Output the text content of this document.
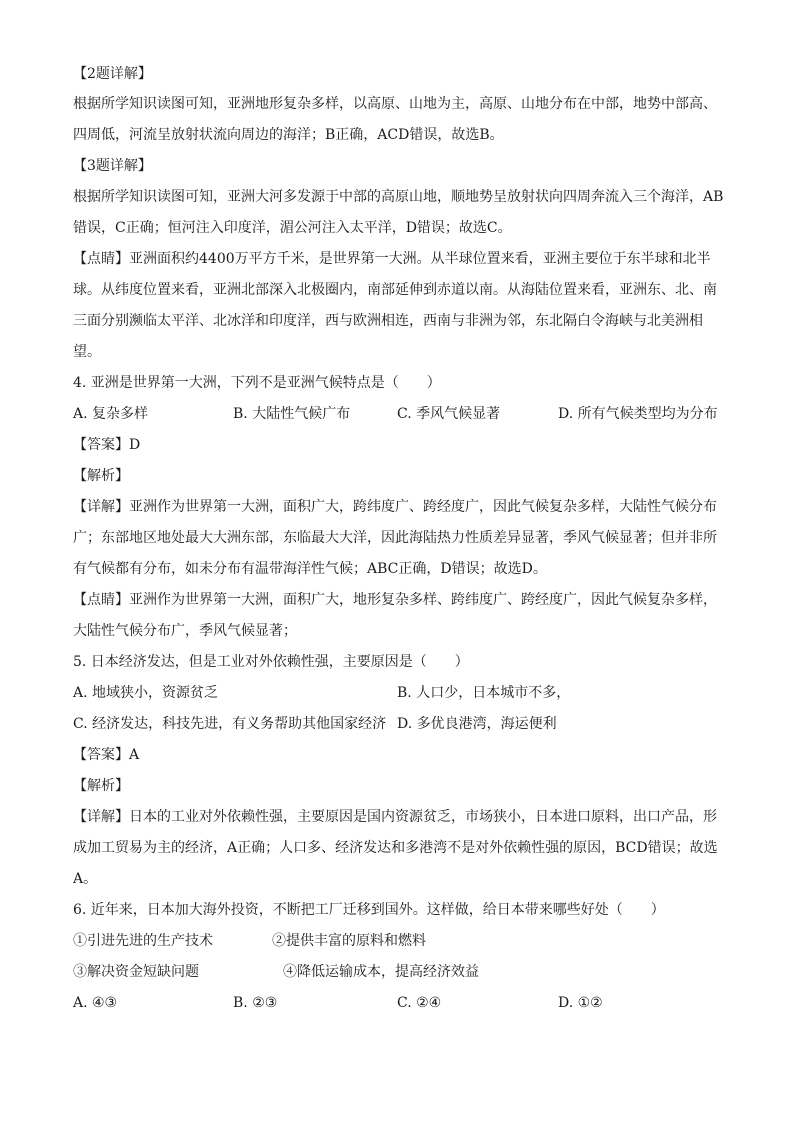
【2题详解】
根据所学知识读图可知，亚洲地形复杂多样，以高原、山地为主，高原、山地分布在中部，地势中部高、
四周低，河流呈放射状流向周边的海洋；B正确，ACD错误，故选B。
【3题详解】
根据所学知识读图可知，亚洲大河多发源于中部的高原山地，顺地势呈放射状向四周奔流入三个海洋，AB
错误，C正确；恒河注入印度洋，湄公河注入太平洋，D错误；故选C。
【点睛】亚洲面积约4400万平方千米，是世界第一大洲。从半球位置来看，亚洲主要位于东半球和北半
球。从纬度位置来看，亚洲北部深入北极圈内，南部延伸到赤道以南。从海陆位置来看，亚洲东、北、南
三面分别濒临太平洋、北冰洋和印度洋，西与欧洲相连，西南与非洲为邻，东北隔白令海峡与北美洲相
望。
4. 亚洲是世界第一大洲，下列不是亚洲气候特点是（　　）
A. 复杂多样	B. 大陆性气候广布	C. 季风气候显著	D. 所有气候类型均为分布
【答案】D
【解析】
【详解】亚洲作为世界第一大洲，面积广大，跨纬度广、跨经度广，因此气候复杂多样，大陆性气候分布
广；东部地区地处最大大洲东部，东临最大大洋，因此海陆热力性质差异显著，季风气候显著；但并非所
有气候都有分布，如未分布有温带海洋性气候；ABC正确，D错误；故选D。
【点睛】亚洲作为世界第一大洲，面积广大，地形复杂多样、跨纬度广、跨经度广，因此气候复杂多样，
大陆性气候分布广，季风气候显著；
5. 日本经济发达，但是工业对外依赖性强，主要原因是（　　）
A. 地域狭小，资源贫乏	B. 人口少，日本城市不多，
C. 经济发达，科技先进，有义务帮助其他国家经济 D. 多优良港湾，海运便利
【答案】A
【解析】
【详解】日本的工业对外依赖性强，主要原因是国内资源贫乏，市场狭小，日本进口原料，出口产品，形
成加工贸易为主的经济，A正确；人口多、经济发达和多港湾不是对外依赖性强的原因，BCD错误；故选
A。
6. 近年来，日本加大海外投资，不断把工厂迁移到国外。这样做，给日本带来哪些好处（　　）
①引进先进的生产技术	②提供丰富的原料和燃料
③解决资金短缺问题	④降低运输成本，提高经济效益
A. ④③	B. ②③	C. ②④	D. ①②
